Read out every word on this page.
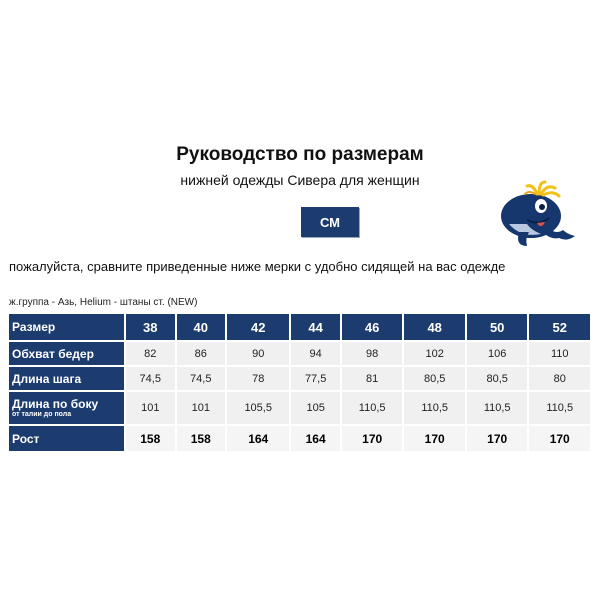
Руководство по размерам
нижней одежды Сивера для женщин
СМ
пожалуйста, сравните приведенные ниже мерки с удобно сидящей на вас одежде
ж.группа - Азь, Helium - штаны ст. (NEW)
Размер	38	40	42	44	46	48	50	52

Обхват бедер	82	86	90	94	98	102	106	110

Длина шага	74,5	74,5	78	77,5	81	80,5	80,5	80

Длина по боку
от талии до пола	101	101	105,5	105	110,5	110,5	110,5	110,5

Рост	158	158	164	164	170	170	170	170
